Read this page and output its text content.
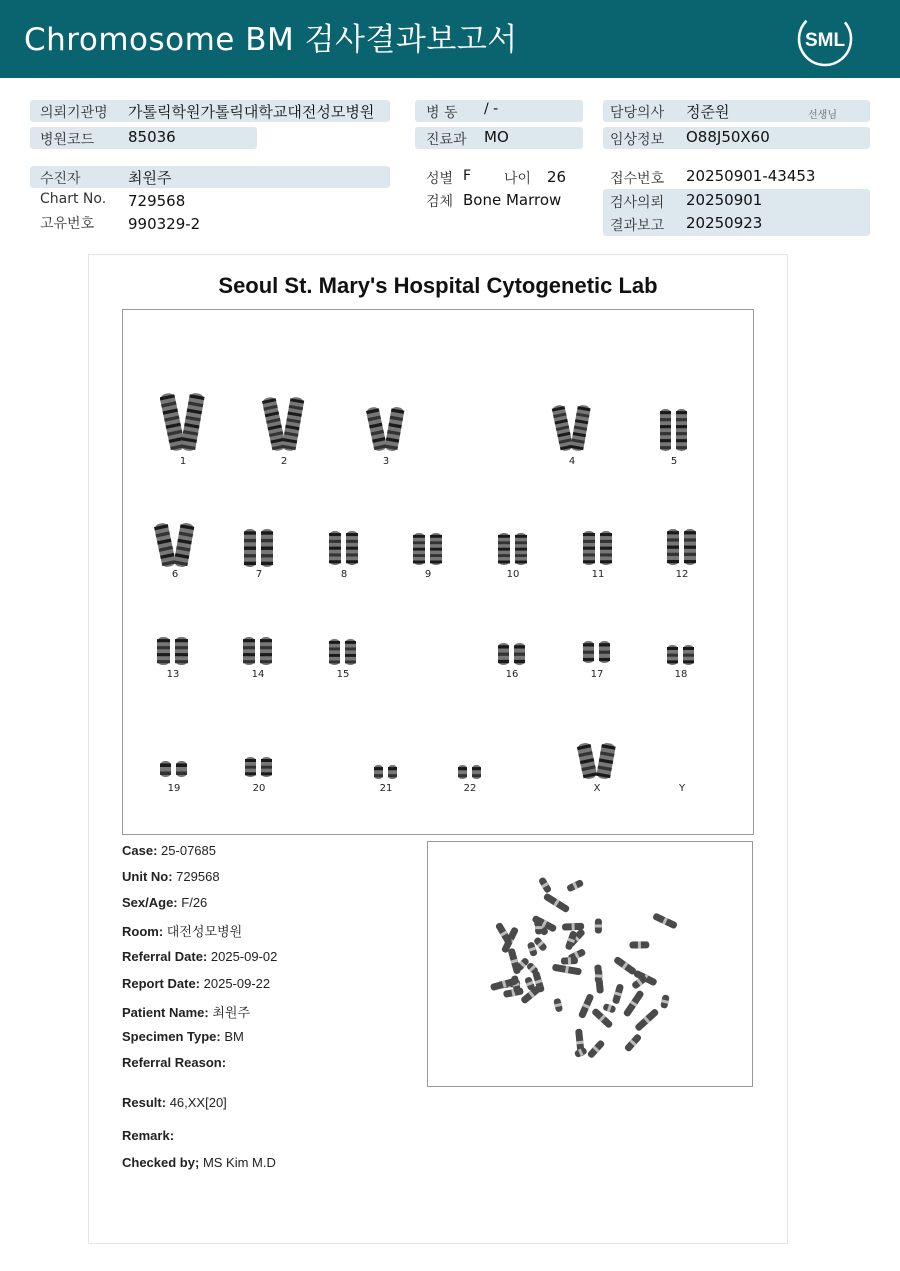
Chromosome BM 검사결과보고서	SML
의뢰기관명 가톨릭학원가톨릭대학교대전성모병원
병원코드 85036
병 동 / -
진료과 MO
담당의사 정준원	선생님
임상정보 O88J50X60
수진자	최원주
Chart No. 729568
고유번호 990329-2
성별 F 나이 26
검체 Bone Marrow
접수번호 20250901-43453
검사의뢰 20250901
결과보고 20250923
Seoul St. Mary's Hospital Cytogenetic Lab
1	2	3	4	5
6	7	8	9	10	11	12
13	14	15	16	17	18
19	20	21	22	X	Y
Case: 25-07685
Unit No: 729568
Sex/Age: F/26
Room: 대전성모병원
Referral Date: 2025-09-02
Report Date: 2025-09-22
Patient Name: 최원주
Specimen Type: BM
Referral Reason:
Result: 46,XX[20]
Remark:
Checked by; MS Kim M.D
